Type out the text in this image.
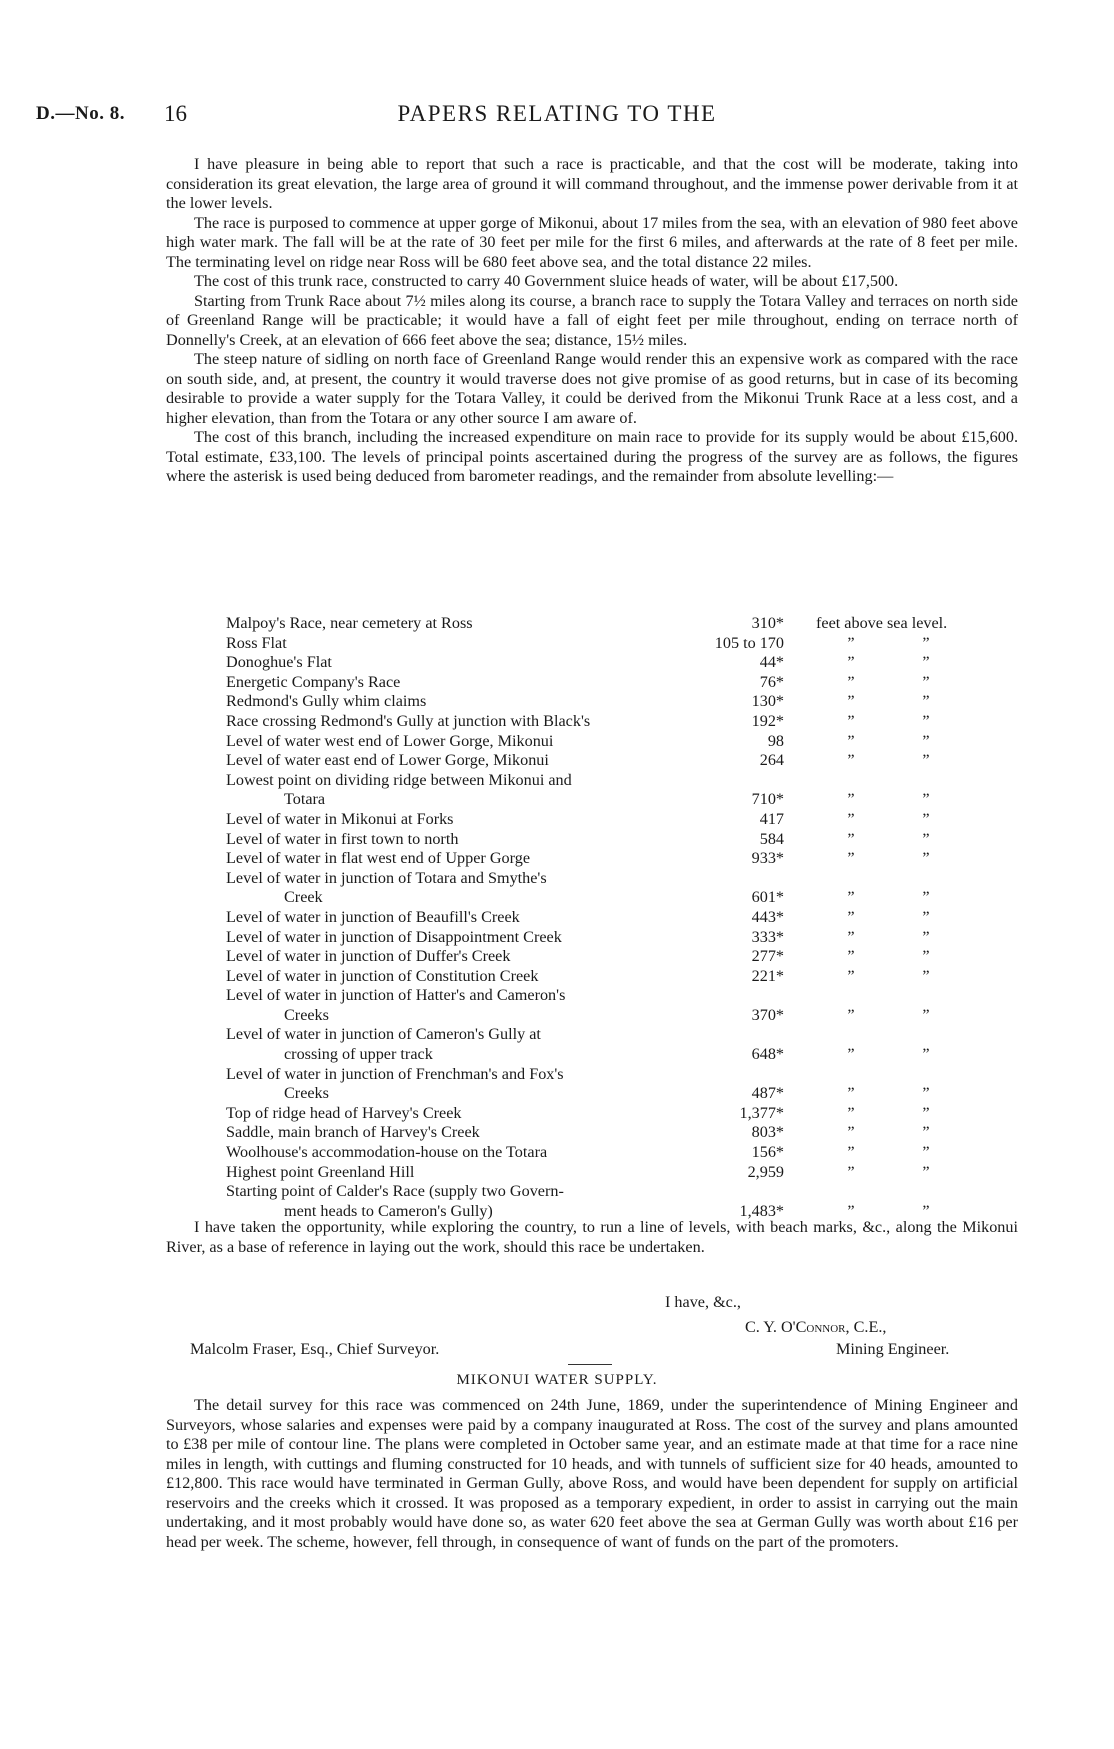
D.—No. 8. 16	PAPERS RELATING TO THE

I have pleasure in being able to report that such a race is practicable, and that the cost will be moderate, taking into consideration its great elevation, the large area of ground it will command throughout, and the immense power derivable from it at the lower levels.

The race is purposed to commence at upper gorge of Mikonui, about 17 miles from the sea, with an elevation of 980 feet above high water mark. The fall will be at the rate of 30 feet per mile for the first 6 miles, and afterwards at the rate of 8 feet per mile. The terminating level on ridge near Ross will be 680 feet above sea, and the total distance 22 miles.

The cost of this trunk race, constructed to carry 40 Government sluice heads of water, will be about £17,500.

Starting from Trunk Race about 7½ miles along its course, a branch race to supply the Totara Valley and terraces on north side of Greenland Range will be practicable; it would have a fall of eight feet per mile throughout, ending on terrace north of Donnelly's Creek, at an elevation of 666 feet above the sea; distance, 15½ miles.

The steep nature of sidling on north face of Greenland Range would render this an expensive work as compared with the race on south side, and, at present, the country it would traverse does not give promise of as good returns, but in case of its becoming desirable to provide a water supply for the Totara Valley, it could be derived from the Mikonui Trunk Race at a less cost, and a higher elevation, than from the Totara or any other source I am aware of.

The cost of this branch, including the increased expenditure on main race to provide for its supply would be about £15,600. Total estimate, £33,100. The levels of principal points ascertained during the progress of the survey are as follows, the figures where the asterisk is used being deduced from barometer readings, and the remainder from absolute levelling:—

Malpoy's Race, near cemetery at Ross	310*	feet above sea level.	

Ross Flat	105 to 170	”	”

Donoghue's Flat	44*	”	”

Energetic Company's Race	76*	”	”

Redmond's Gully whim claims	130*	”	”

Race crossing Redmond's Gully at junction with Black's	192*	”	”

Level of water west end of Lower Gorge, Mikonui	98	”	”

Level of water east end of Lower Gorge, Mikonui	264	”	”

Lowest point on dividing ridge between Mikonui and
Totara	710*	”	”

Level of water in Mikonui at Forks	417	”	”

Level of water in first town to north	584	”	”

Level of water in flat west end of Upper Gorge	933*	”	”

Level of water in junction of Totara and Smythe's
Creek	601*	”	”

Level of water in junction of Beaufill's Creek	443*	”	”

Level of water in junction of Disappointment Creek	333*	”	”

Level of water in junction of Duffer's Creek	277*	”	”

Level of water in junction of Constitution Creek	221*	”	”

Level of water in junction of Hatter's and Cameron's
Creeks	370*	”	”

Level of water in junction of Cameron's Gully at
crossing of upper track	648*	”	”

Level of water in junction of Frenchman's and Fox's
Creeks	487*	”	”

Top of ridge head of Harvey's Creek	1,377*	”	”

Saddle, main branch of Harvey's Creek	803*	”	”

Woolhouse's accommodation-house on the Totara	156*	”	”

Highest point Greenland Hill	2,959	”	”

Starting point of Calder's Race (supply two Govern-
ment heads to Cameron's Gully)	1,483*	”	”

I have taken the opportunity, while exploring the country, to run a line of levels, with beach marks, &c., along the Mikonui River, as a base of reference in laying out the work, should this race be undertaken.

I have, &c.,
C. Y. O'Connor, C.E.,
Mining Engineer.
Malcolm Fraser, Esq., Chief Surveyor.
MIKONUI WATER SUPPLY.

The detail survey for this race was commenced on 24th June, 1869, under the superintendence of Mining Engineer and Surveyors, whose salaries and expenses were paid by a company inaugurated at Ross. The cost of the survey and plans amounted to £38 per mile of contour line. The plans were completed in October same year, and an estimate made at that time for a race nine miles in length, with cuttings and fluming constructed for 10 heads, and with tunnels of sufficient size for 40 heads, amounted to £12,800. This race would have terminated in German Gully, above Ross, and would have been dependent for supply on artificial reservoirs and the creeks which it crossed. It was proposed as a temporary expedient, in order to assist in carrying out the main undertaking, and it most probably would have done so, as water 620 feet above the sea at German Gully was worth about £16 per head per week. The scheme, however, fell through, in consequence of want of funds on the part of the promoters.
